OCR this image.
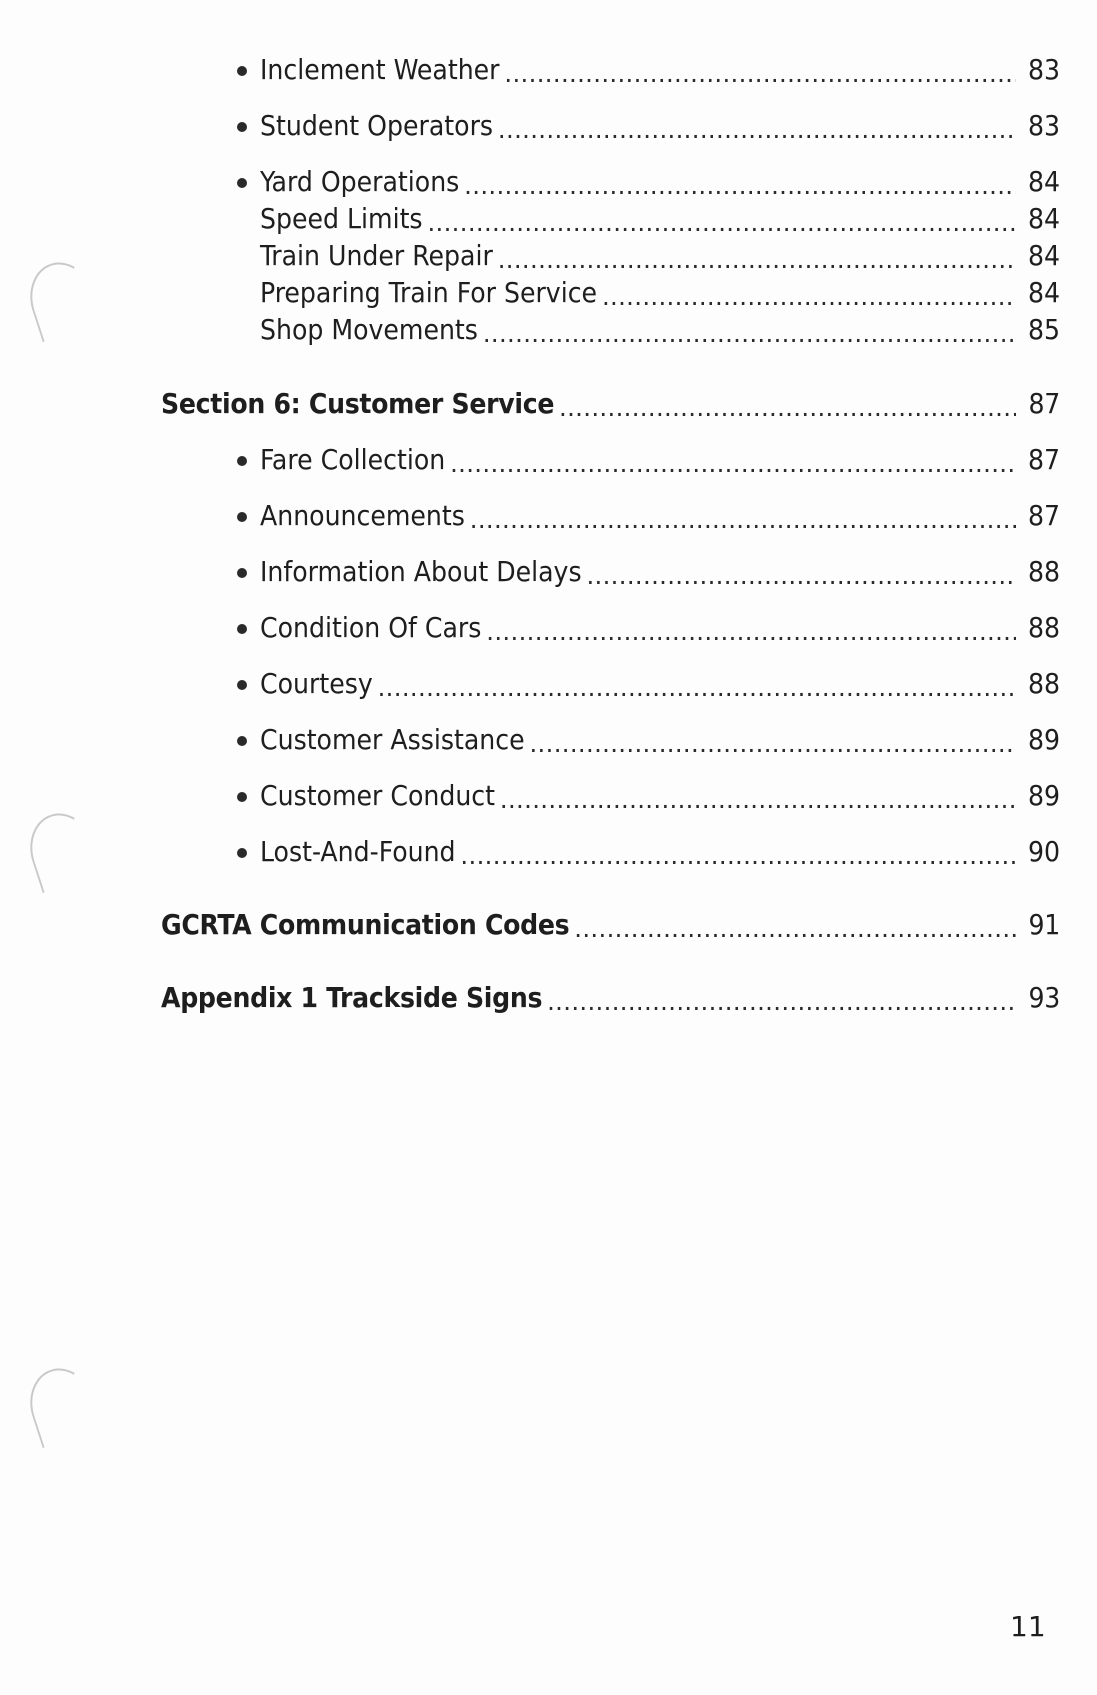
Inclement Weather . . .	83
Student Operators . . .	83
Yard Operations . . .	84
Speed Limits . . .	84
Train Under Repair . . .	84
Preparing Train For Service . . .	84
Shop Movements . . .	85
Section 6: Customer Service . . .	87
Fare Collection . . .	87
Announcements . . .	87
Information About Delays . . .	88
Condition Of Cars . . .	88
Courtesy . . .	88
Customer Assistance . . .	89
Customer Conduct . . .	89
Lost-And-Found . . .	90
GCRTA Communication Codes . . .	91
Appendix 1 Trackside Signs . . .	93
11
